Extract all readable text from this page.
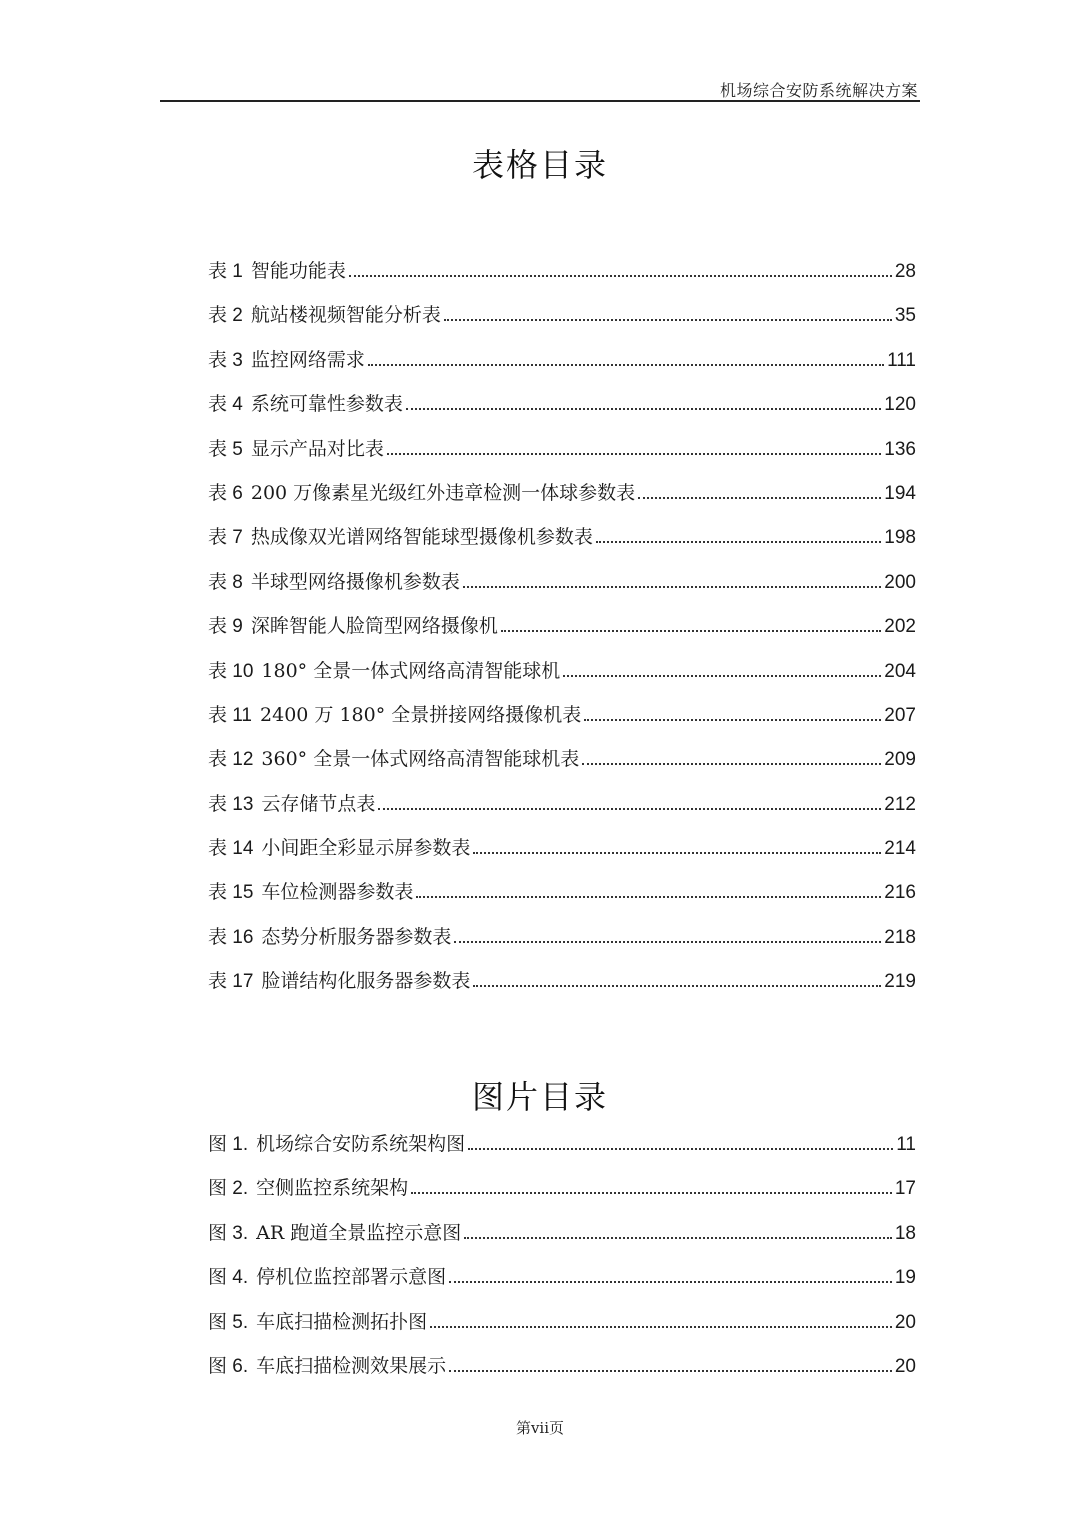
机场综合安防系统解决方案
表格目录
表 1 智能功能表	28
表 2 航站楼视频智能分析表	35
表 3 监控网络需求	111
表 4 系统可靠性参数表	120
表 5 显示产品对比表	136
表 6 200 万像素星光级红外违章检测一体球参数表	194
表 7 热成像双光谱网络智能球型摄像机参数表	198
表 8 半球型网络摄像机参数表	200
表 9 深眸智能人脸筒型网络摄像机	202
表 10 180° 全景一体式网络高清智能球机	204
表 11 2400 万 180° 全景拼接网络摄像机表	207
表 12 360° 全景一体式网络高清智能球机表	209
表 13 云存储节点表	212
表 14 小间距全彩显示屏参数表	214
表 15 车位检测器参数表	216
表 16 态势分析服务器参数表	218
表 17 脸谱结构化服务器参数表	219
图片目录
图 1. 机场综合安防系统架构图	11
图 2. 空侧监控系统架构	17
图 3. AR 跑道全景监控示意图	18
图 4. 停机位监控部署示意图	19
图 5. 车底扫描检测拓扑图	20
图 6. 车底扫描检测效果展示	20
第vii页
